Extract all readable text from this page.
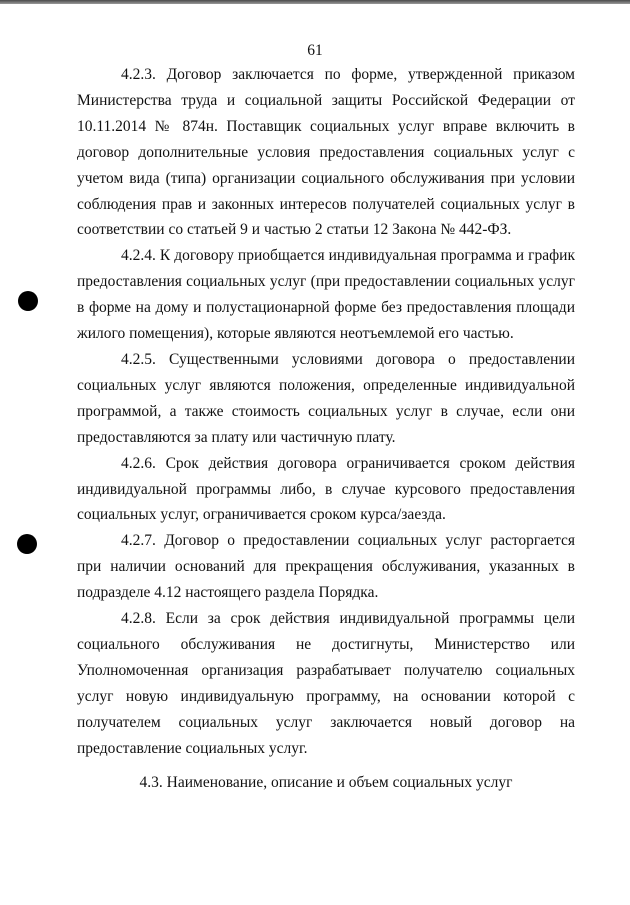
61

4.2.3. Договор заключается по форме, утвержденной приказом Министерства труда и социальной защиты Российской Федерации от 10.11.2014 № 874н. Поставщик социальных услуг вправе включить в договор дополнительные условия предоставления социальных услуг с учетом вида (типа) организации социального обслуживания при условии соблюдения прав и законных интересов получателей социальных услуг в соответствии со статьей 9 и частью 2 статьи 12 Закона № 442-ФЗ.

4.2.4. К договору приобщается индивидуальная программа и график предоставления социальных услуг (при предоставлении социальных услуг в форме на дому и полустационарной форме без предоставления площади жилого помещения), которые являются неотъемлемой его частью.

4.2.5. Существенными условиями договора о предоставлении социальных услуг являются положения, определенные индивидуальной программой, а также стоимость социальных услуг в случае, если они предоставляются за плату или частичную плату.

4.2.6. Срок действия договора ограничивается сроком действия индивидуальной программы либо, в случае курсового предоставления социальных услуг, ограничивается сроком курса/заезда.

4.2.7. Договор о предоставлении социальных услуг расторгается при наличии оснований для прекращения обслуживания, указанных в подразделе 4.12 настоящего раздела Порядка.

4.2.8. Если за срок действия индивидуальной программы цели социального обслуживания не достигнуты, Министерство или Уполномоченная организация разрабатывает получателю социальных услуг новую индивидуальную программу, на основании которой с получателем социальных услуг заключается новый договор на предоставление социальных услуг.

4.3. Наименование, описание и объем социальных услуг
